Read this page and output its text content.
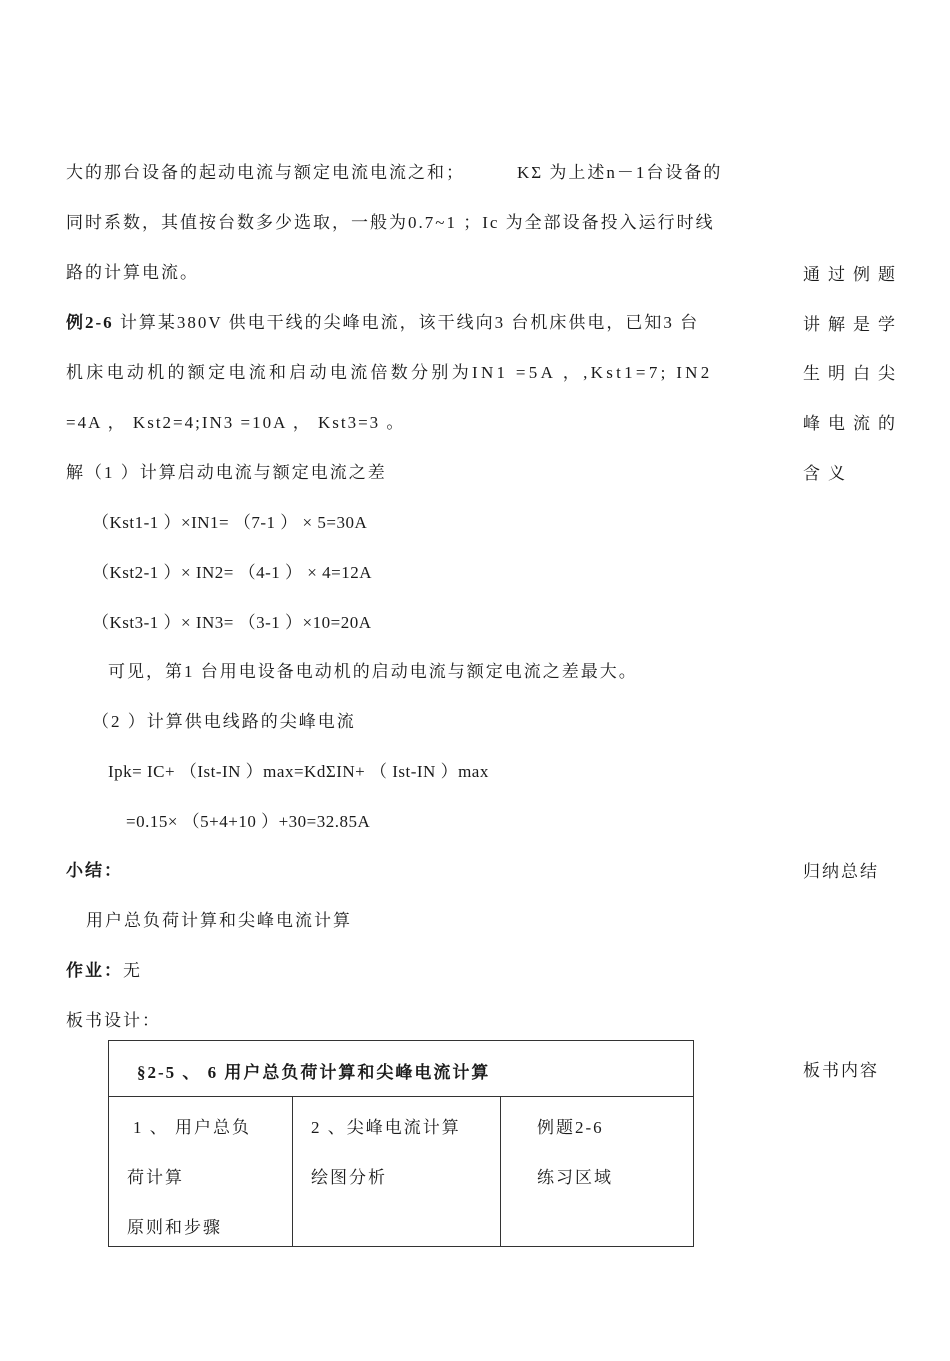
大的那台设备的起动电流与额定电流电流之和；	KΣ 为上述n－1台设备的
同时系数，其值按台数多少选取，一般为0.7~1 ；Ic 为全部设备投入运行时线
路的计算电流。
例2-6 计算某380V 供电干线的尖峰电流，该干线向3 台机床供电，已知3 台
机床电动机的额定电流和启动电流倍数分别为IN1 =5A ，,Kst1=7; IN2
=4A ， Kst2=4;IN3 =10A ， Kst3=3 。
解（1 ）计算启动电流与额定电流之差
（Kst1-1 ）×IN1= （7-1 ） × 5=30A
（Kst2-1 ）× IN2= （4-1 ） × 4=12A
（Kst3-1 ）× IN3= （3-1 ）×10=20A
可见，第1 台用电设备电动机的启动电流与额定电流之差最大。
（2 ）计算供电线路的尖峰电流
Ipk= IC+ （Ist-IN ）max=KdΣIN+ （ Ist-IN ）max
=0.15× （5+4+10 ）+30=32.85A
小结：
用户总负荷计算和尖峰电流计算
作业：无
板书设计：
通过例题
讲解是学
生明白尖
峰电流的
含义
归纳总结
板书内容
§2-5 、 6 用户总负荷计算和尖峰电流计算
1 、 用户总负
荷计算
原则和步骤
2 、尖峰电流计算
绘图分析
例题2-6
练习区域
